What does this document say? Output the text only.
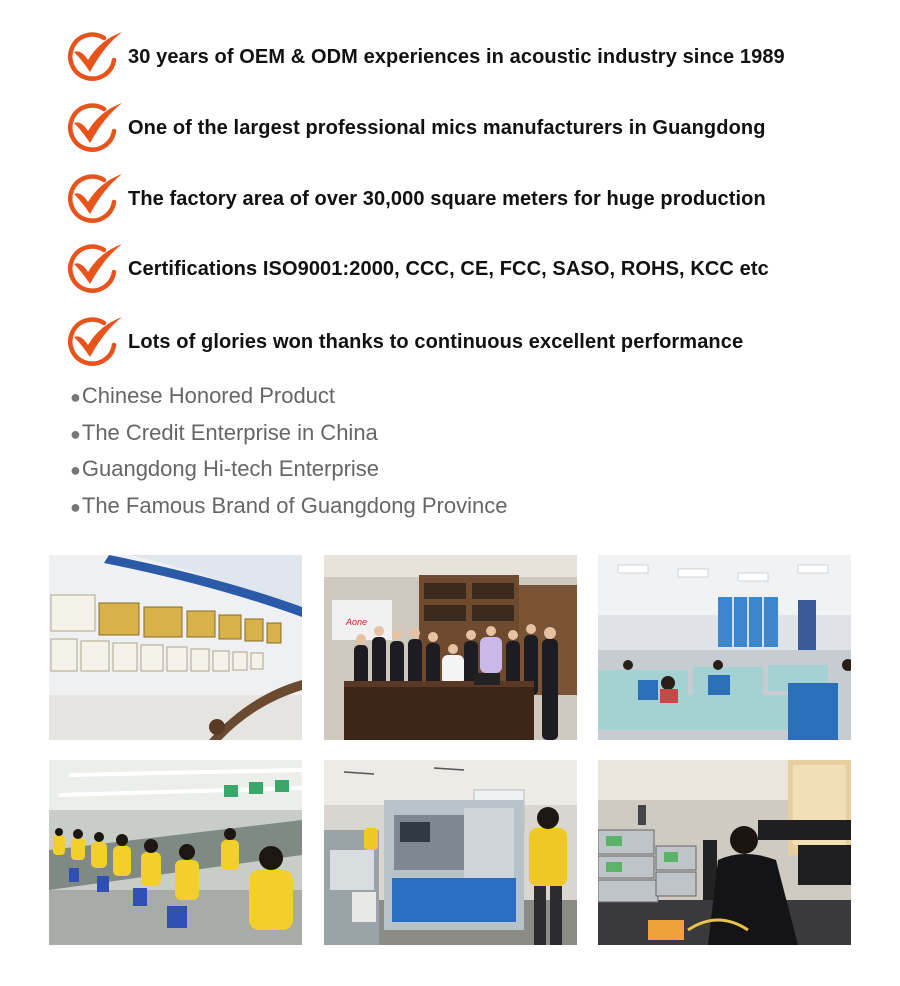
30 years of OEM & ODM experiences in acoustic industry since 1989
One of the largest professional mics manufacturers in Guangdong
The factory area of over 30,000 square meters for huge production
Certifications ISO9001:2000, CCC, CE, FCC, SASO, ROHS, KCC etc
Lots of glories won thanks to continuous excellent performance
●Chinese Honored Product
●The Credit Enterprise in China
●Guangdong Hi-tech Enterprise
●The Famous Brand of Guangdong Province
Aone
